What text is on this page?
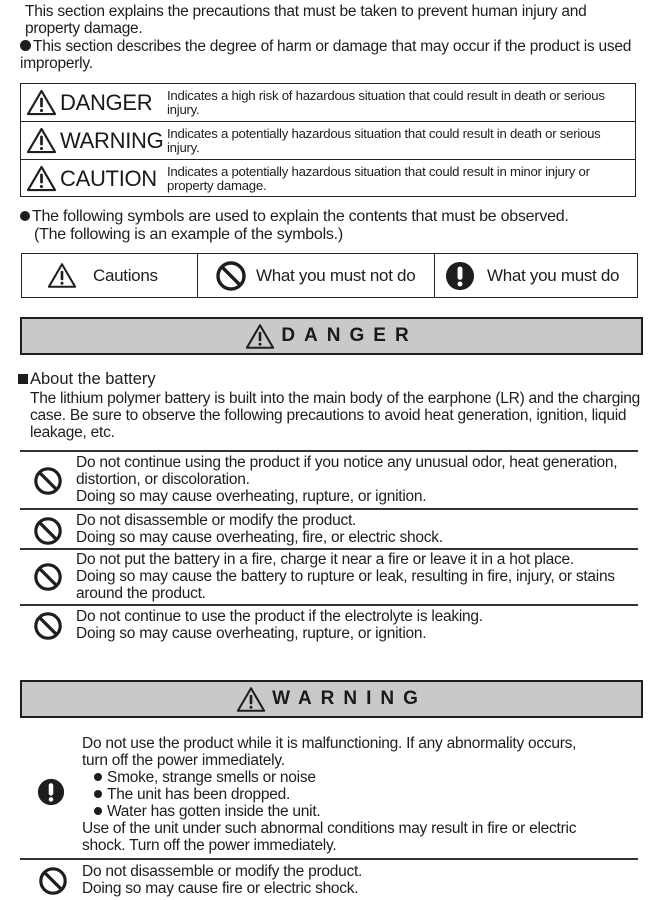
This section explains the precautions that must be taken to prevent human injury and property damage.
This section describes the degree of harm or damage that may occur if the product is used improperly.
DANGER Indicates a high risk of hazardous situation that could result in death or serious injury.
WARNING Indicates a potentially hazardous situation that could result in death or serious injury.
CAUTION Indicates a potentially hazardous situation that could result in minor injury or property damage.
The following symbols are used to explain the contents that must be observed.
(The following is an example of the symbols.)
Cautions	What you must not do	What you must do
DANGER
About the battery
The lithium polymer battery is built into the main body of the earphone (LR) and the charging case. Be sure to observe the following precautions to avoid heat generation, ignition, liquid leakage, etc.
Do not continue using the product if you notice any unusual odor, heat generation,
distortion, or discoloration.
Doing so may cause overheating, rupture, or ignition.
Do not disassemble or modify the product.
Doing so may cause overheating, fire, or electric shock.
Do not put the battery in a fire, charge it near a fire or leave it in a hot place.
Doing so may cause the battery to rupture or leak, resulting in fire, injury, or stains
around the product.
Do not continue to use the product if the electrolyte is leaking.
Doing so may cause overheating, rupture, or ignition.
WARNING
Do not use the product while it is malfunctioning. If any abnormality occurs,
turn off the power immediately.
Smoke, strange smells or noise
The unit has been dropped.
Water has gotten inside the unit.
Use of the unit under such abnormal conditions may result in fire or electric
shock. Turn off the power immediately.
Do not disassemble or modify the product.
Doing so may cause fire or electric shock.
